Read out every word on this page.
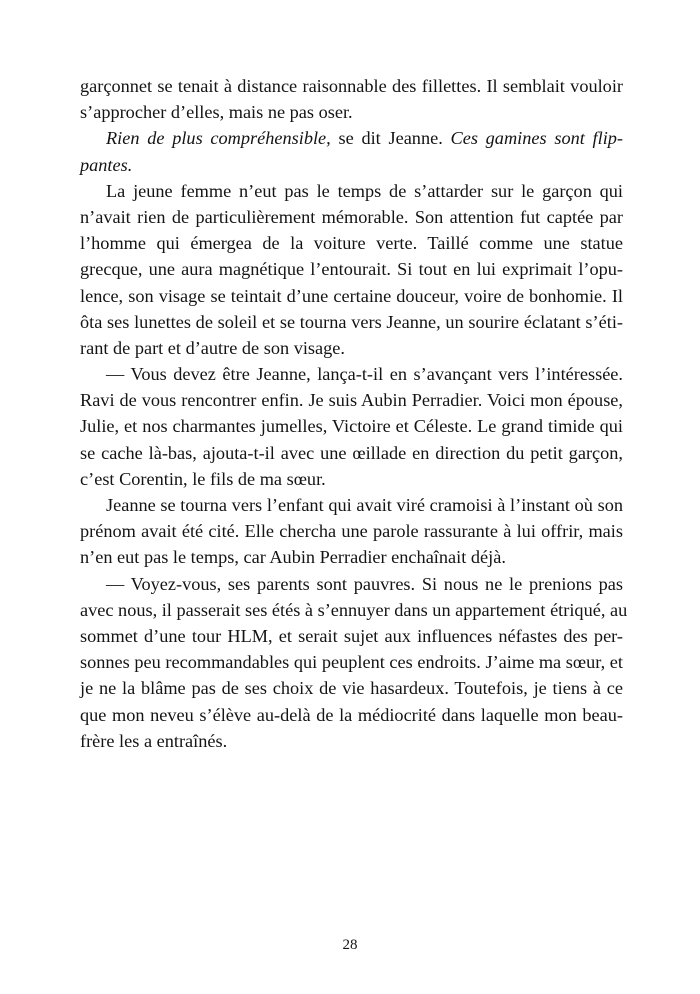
garçonnet se tenait à distance raisonnable des fillettes. Il semblait vouloir
s’approcher d’elles, mais ne pas oser.
Rien de plus compréhensible, se dit Jeanne. Ces gamines sont flip-
pantes.
La jeune femme n’eut pas le temps de s’attarder sur le garçon qui
n’avait rien de particulièrement mémorable. Son attention fut captée par
l’homme qui émergea de la voiture verte. Taillé comme une statue
grecque, une aura magnétique l’entourait. Si tout en lui exprimait l’opu-
lence, son visage se teintait d’une certaine douceur, voire de bonhomie. Il
ôta ses lunettes de soleil et se tourna vers Jeanne, un sourire éclatant s’éti-
rant de part et d’autre de son visage.
— Vous devez être Jeanne, lança-t-il en s’avançant vers l’intéressée.
Ravi de vous rencontrer enfin. Je suis Aubin Perradier. Voici mon épouse,
Julie, et nos charmantes jumelles, Victoire et Céleste. Le grand timide qui
se cache là-bas, ajouta-t-il avec une œillade en direction du petit garçon,
c’est Corentin, le fils de ma sœur.
Jeanne se tourna vers l’enfant qui avait viré cramoisi à l’instant où son
prénom avait été cité. Elle chercha une parole rassurante à lui offrir, mais
n’en eut pas le temps, car Aubin Perradier enchaînait déjà.
— Voyez-vous, ses parents sont pauvres. Si nous ne le prenions pas
avec nous, il passerait ses étés à s’ennuyer dans un appartement étriqué, au
sommet d’une tour HLM, et serait sujet aux influences néfastes des per-
sonnes peu recommandables qui peuplent ces endroits. J’aime ma sœur, et
je ne la blâme pas de ses choix de vie hasardeux. Toutefois, je tiens à ce
que mon neveu s’élève au-delà de la médiocrité dans laquelle mon beau-
frère les a entraînés.
28
